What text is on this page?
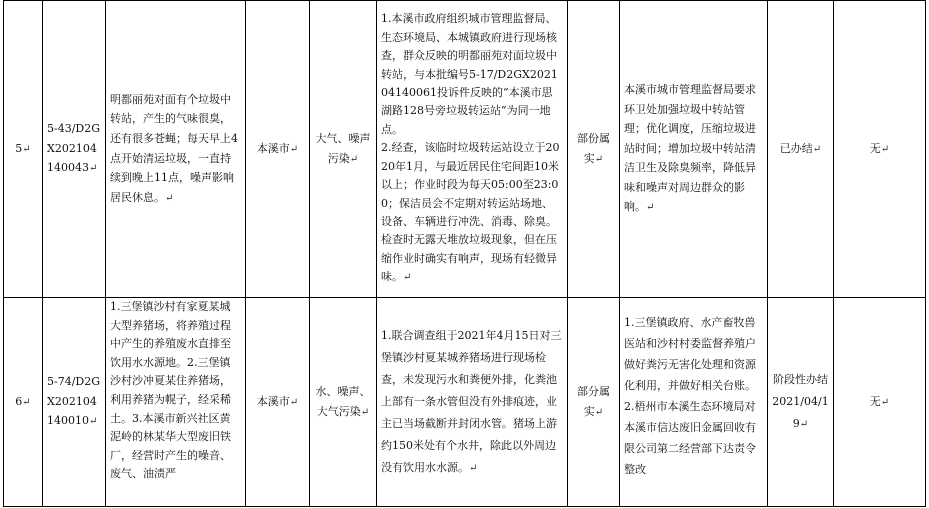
5↵	5-43/D2GX202104140043↵	明都丽苑对面有个垃圾中转站，产生的气味很臭，还有很多苍蝇；每天早上4点开始清运垃圾，一直持续到晚上11点，噪声影响居民休息。↵	本溪市↵	大气、噪声污染↵	1.本溪市政府组织城市管理监督局、生态环境局、本城镇政府进行现场核查，群众反映的明都丽苑对面垃圾中转站，与本批编号5-17/D2GX202104140061投诉件反映的“本溪市思湖路128号旁垃圾转运站”为同一地点。
2.经查，该临时垃圾转运站设立于2020年1月，与最近居民住宅间距10米以上；作业时段为每天05:00至23:00；保洁员会不定期对转运站场地、设备、车辆进行冲洗、消毒、除臭。检查时无露天堆放垃圾现象，但在压缩作业时确实有响声，现场有轻微异味。↵	部份属实↵	本溪市城市管理监督局要求环卫处加强垃圾中转站管理；优化调度，压缩垃圾进站时间；增加垃圾中转站清洁卫生及除臭频率，降低异味和噪声对周边群众的影响。↵	已办结↵	无↵
6↵	5-74/D2GX202104140010↵	1.三堡镇沙村有家夏某城大型养猪场，将养殖过程中产生的养殖废水直排至饮用水水源地。2.三堡镇沙村沙冲夏某住养猪场，利用养猪为幌子，经采稀土。3.本溪市新兴社区黄泥岭的林某华大型废旧铁厂，经营时产生的噪音、废气、油渍严	本溪市↵	水、噪声、大气污染↵	1.联合调查组于2021年4月15日对三堡镇沙村夏某城养猪场进行现场检查，未发现污水和粪便外排，化粪池上部有一条水管但没有外排痕迹，业主已当场截断并封闭水管。猪场上游约150米处有个水井，除此以外周边没有饮用水水源。↵	部分属实↵	1.三堡镇政府、水产畜牧兽医站和沙村村委监督养殖户做好粪污无害化处理和资源化利用，并做好相关台账。
2.梧州市本溪生态环境局对本溪市信达废旧金属回收有限公司第二经营部下达责令整改	阶段性办结2021/04/19↵	无↵
